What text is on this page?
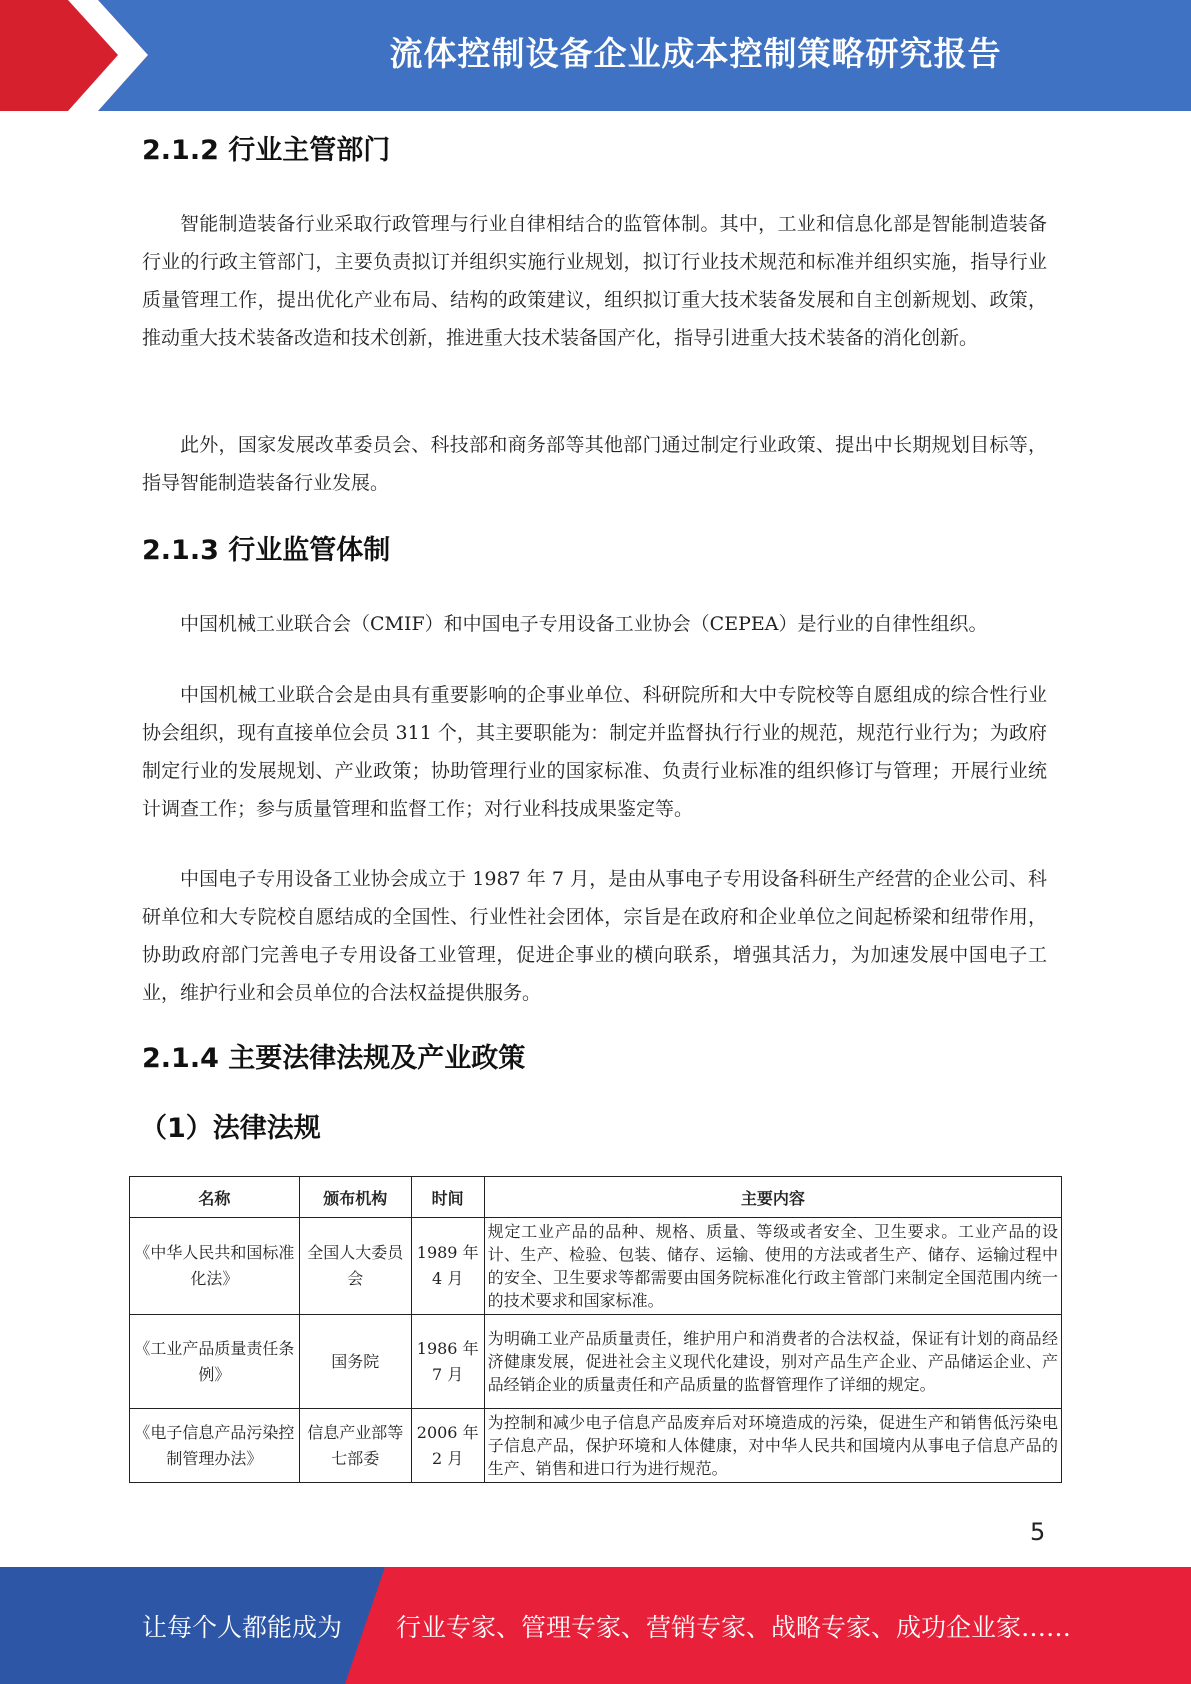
流体控制设备企业成本控制策略研究报告
2.1.2 行业主管部门

智能制造装备行业采取行政管理与行业自律相结合的监管体制。其中，工业和信息化部是智能制造装备行业的行政主管部门，主要负责拟订并组织实施行业规划，拟订行业技术规范和标准并组织实施，指导行业质量管理工作，提出优化产业布局、结构的政策建议，组织拟订重大技术装备发展和自主创新规划、政策，推动重大技术装备改造和技术创新，推进重大技术装备国产化，指导引进重大技术装备的消化创新。

此外，国家发展改革委员会、科技部和商务部等其他部门通过制定行业政策、提出中长期规划目标等，指导智能制造装备行业发展。

2.1.3 行业监管体制

中国机械工业联合会（CMIF）和中国电子专用设备工业协会（CEPEA）是行业的自律性组织。

中国机械工业联合会是由具有重要影响的企事业单位、科研院所和大中专院校等自愿组成的综合性行业协会组织，现有直接单位会员 311 个，其主要职能为：制定并监督执行行业的规范，规范行业行为；为政府制定行业的发展规划、产业政策；协助管理行业的国家标准、负责行业标准的组织修订与管理；开展行业统计调查工作；参与质量管理和监督工作；对行业科技成果鉴定等。

中国电子专用设备工业协会成立于 1987 年 7 月，是由从事电子专用设备科研生产经营的企业公司、科研单位和大专院校自愿结成的全国性、行业性社会团体，宗旨是在政府和企业单位之间起桥梁和纽带作用，协助政府部门完善电子专用设备工业管理，促进企事业的横向联系，增强其活力，为加速发展中国电子工业，维护行业和会员单位的合法权益提供服务。

2.1.4 主要法律法规及产业政策
（1）法律法规
名称	颁布机构	时间	主要内容
《中华人民共和国标准化法》	全国人大委员会	1989 年 4 月	规定工业产品的品种、规格、质量、等级或者安全、卫生要求。工业产品的设计、生产、检验、包装、储存、运输、使用的方法或者生产、储存、运输过程中的安全、卫生要求等都需要由国务院标准化行政主管部门来制定全国范围内统一的技术要求和国家标准。
《工业产品质量责任条例》	国务院	1986 年 7 月	为明确工业产品质量责任，维护用户和消费者的合法权益，保证有计划的商品经济健康发展，促进社会主义现代化建设，别对产品生产企业、产品储运企业、产品经销企业的质量责任和产品质量的监督管理作了详细的规定。
《电子信息产品污染控制管理办法》	信息产业部等七部委	2006 年 2 月	为控制和减少电子信息产品废弃后对环境造成的污染，促进生产和销售低污染电子信息产品，保护环境和人体健康，对中华人民共和国境内从事电子信息产品的生产、销售和进口行为进行规范。
5
让每个人都能成为 行业专家、管理专家、营销专家、战略专家、成功企业家……
